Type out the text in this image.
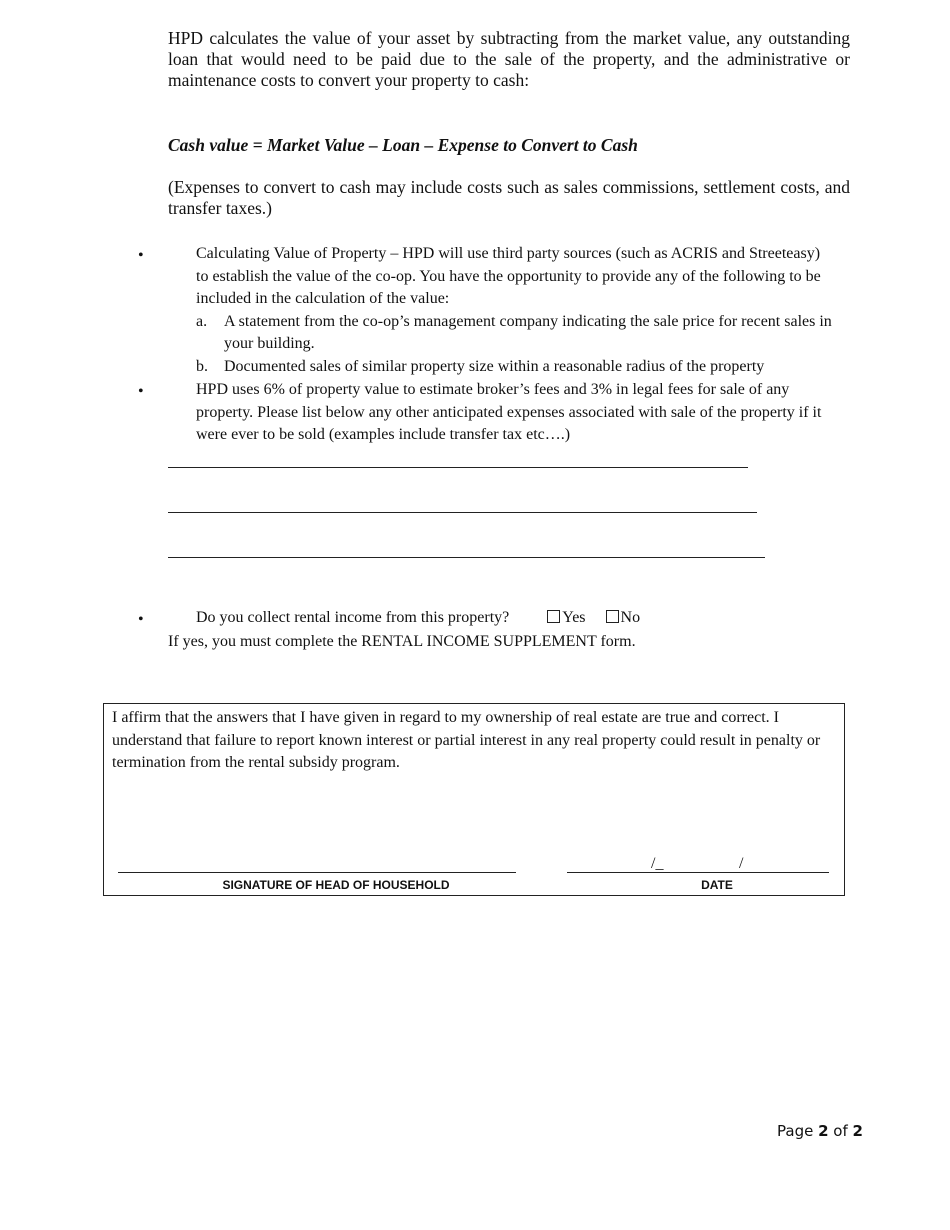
HPD calculates the value of your asset by subtracting from the market value, any outstanding loan that would need to be paid due to the sale of the property, and the administrative or maintenance costs to convert your property to cash:
Cash value = Market Value – Loan – Expense to Convert to Cash
(Expenses to convert to cash may include costs such as sales commissions, settlement costs, and transfer taxes.)
•	Calculating Value of Property – HPD will use third party sources (such as ACRIS and Streeteasy) to establish the value of the co-op. You have the opportunity to provide any of the following to be included in the calculation of the value:
a. A statement from the co-op’s management company indicating the sale price for recent sales in your building.
b. Documented sales of similar property size within a reasonable radius of the property
•	HPD uses 6% of property value to estimate broker’s fees and 3% in legal fees for sale of any property. Please list below any other anticipated expenses associated with sale of the property if it were ever to be sold (examples include transfer tax etc….)
•	Do you collect rental income from this property?	Yes No
If yes, you must complete the RENTAL INCOME SUPPLEMENT form.
I affirm that the answers that I have given in regard to my ownership of real estate are true and correct. I understand that failure to report known interest or partial interest in any real property could result in penalty or termination from the rental subsidy program.
SIGNATURE OF HEAD OF HOUSEHOLD
/_	/
DATE
Page 2 of 2
